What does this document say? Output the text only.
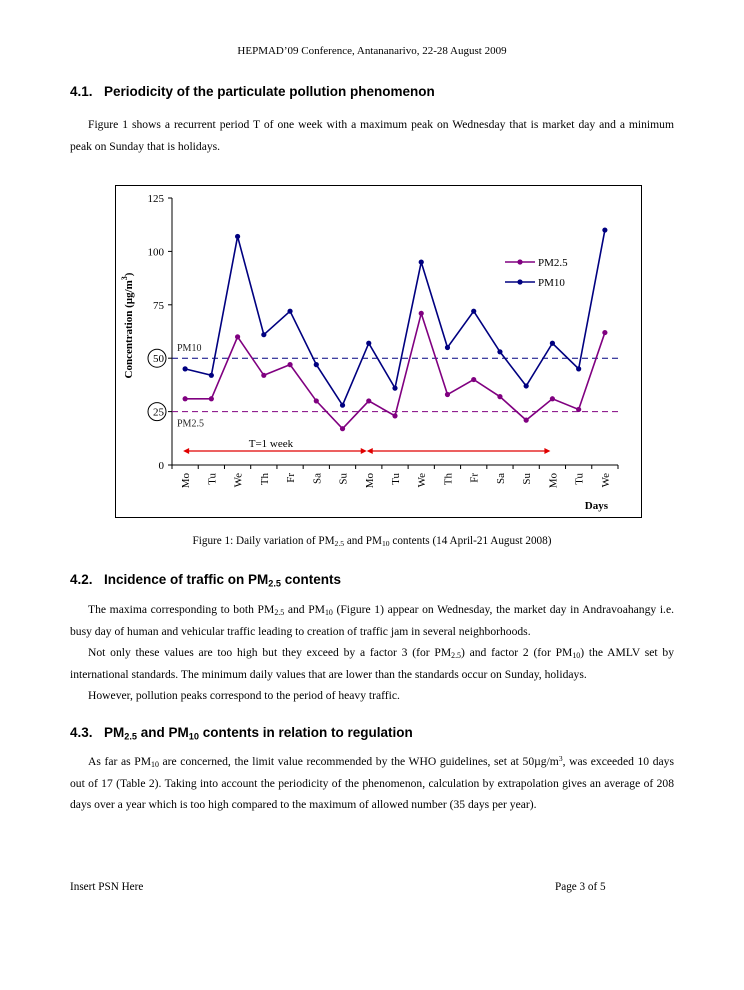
HEPMAD’09 Conference, Antananarivo, 22-28 August 2009
4.1. Periodicity of the particulate pollution phenomenon

Figure 1 shows a recurrent period T of one week with a maximum peak on Wednesday that is market day and a minimum peak on Sunday that is holidays.

0
25
50
75
100
125
Mo Tu We Th Fr Sa Su Mo Tu We Th Fr Sa Su Mo Tu We
Concentration $(\mu g/m^3)$
Days
PM10
PM2.5
T=1 week
PM2.5
PM10
Figure 1: Daily variation of $PM_{2.5}$ and $PM_{10}$ contents (14 April-21 August 2008)
4.2. Incidence of traffic on $PM_{2.5}$ contents

The maxima corresponding to both $PM_{2.5}$ and $PM_{10}$ (Figure 1) appear on Wednesday, the market day in Andravoahangy i.e. busy day of human and vehicular traffic leading to creation of traffic jam in several neighborhoods.

Not only these values are too high but they exceed by a factor 3 (for $PM_{2.5}$) and factor 2 (for $PM_{10}$) the AMLV set by international standards. The minimum daily values that are lower than the standards occur on Sunday, holidays.

However, pollution peaks correspond to the period of heavy traffic.

4.3. $PM_{2.5}$ and $PM_{10}$ contents in relation to regulation

As far as $PM_{10}$ are concerned, the limit value recommended by the WHO guidelines, set at $50\mu g/m^3$, was exceeded 10 days out of 17 (Table 2). Taking into account the periodicity of the phenomenon, calculation by extrapolation gives an average of 208 days over a year which is too high compared to the maximum of allowed number (35 days per year).

Insert PSN Here	Page 3 of 5
